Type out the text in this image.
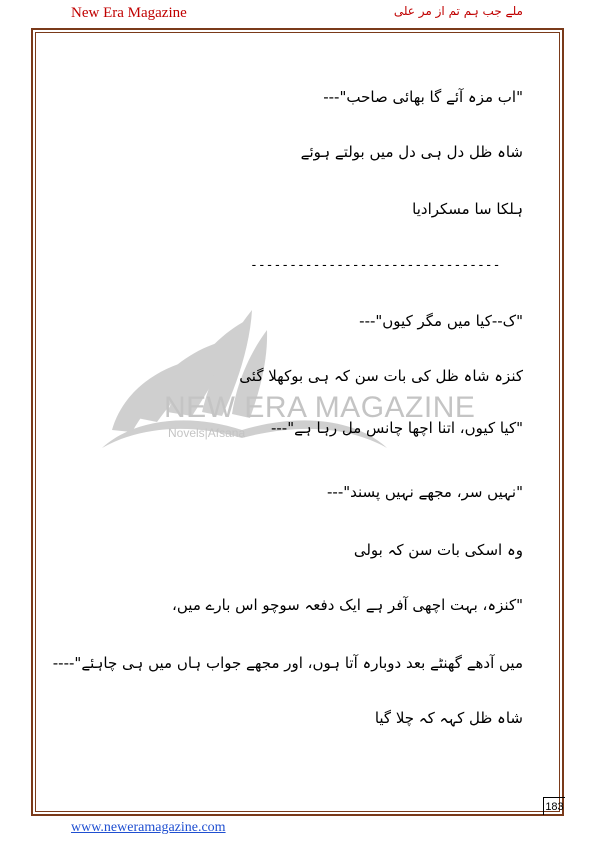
New Era Magazine	ملے جب ہم تم از مر علی
NEW ERA MAGAZINE
Novels|Afsana
"اب مزہ آئے گا بھائی صاحب"---
شاہ ظل دل ہی دل میں بولتے ہوئے
ہلکا سا مسکرادیا
--------------------------------
"ک--کیا میں مگر کیوں"---
کنزہ شاہ ظل کی بات سن کہ ہی بوکھلا گئی
"کیا کیوں، اتنا اچھا چانس مل رہا ہے"---
"نہیں سر، مجھے نہیں پسند"---
وہ اسکی بات سن کہ بولی
"کنزہ، بہت اچھی آفر ہے ایک دفعہ سوچو اس بارے میں،
میں آدھے گھنٹے بعد دوبارہ آتا ہوں، اور مجھے جواب ہاں میں ہی چاہئے"----
شاہ ظل کہہ کہ چلا گیا
183
www.neweramagazine.com
